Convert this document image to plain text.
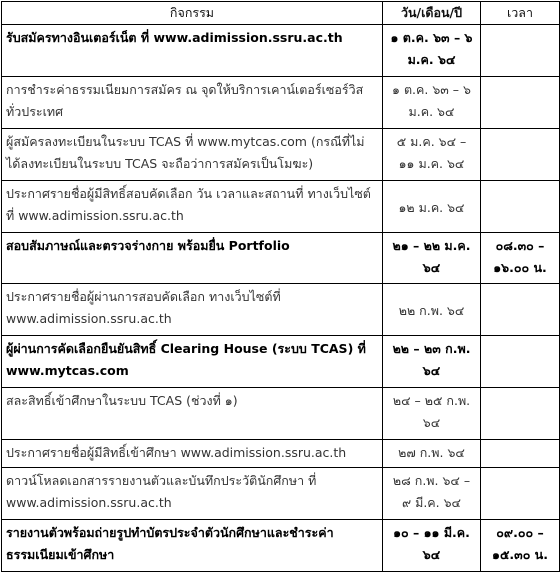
กิจกรรม	วัน/เดือน/ปี	เวลา
รับสมัครทางอินเตอร์เน็ต ที่ www.adimission.ssru.ac.th	๑ ต.ค. ๖๓ – ๖ ม.ค. ๖๔	
การชำระค่าธรรมเนียมการสมัคร ณ จุดให้บริการเคาน์เตอร์เซอร์วิสทั่วประเทศ	๑ ต.ค. ๖๓ – ๖ ม.ค. ๖๔	
ผู้สมัครลงทะเบียนในระบบ TCAS ที่ www.mytcas.com (กรณีที่ไม่ได้ลงทะเบียนในระบบ TCAS จะถือว่าการสมัครเป็นโมฆะ)	๕ ม.ค. ๖๔ – ๑๑ ม.ค. ๖๔	
ประกาศรายชื่อผู้มีสิทธิ์สอบคัดเลือก วัน เวลาและสถานที่ ทางเว็บไซต์ที่ www.adimission.ssru.ac.th	๑๒ ม.ค. ๖๔	
สอบสัมภาษณ์และตรวจร่างกาย พร้อมยื่น Portfolio	๒๑ – ๒๒ ม.ค. ๖๔	๐๘.๓๐ – ๑๖.๐๐ น.
ประกาศรายชื่อผู้ผ่านการสอบคัดเลือก ทางเว็บไซต์ที่ www.adimission.ssru.ac.th	๒๒ ก.พ. ๖๔	
ผู้ผ่านการคัดเลือกยืนยันสิทธิ์ Clearing House (ระบบ TCAS) ที่ www.mytcas.com	๒๒ – ๒๓ ก.พ. ๖๔	
สละสิทธิ์เข้าศึกษาในระบบ TCAS (ช่วงที่ ๑)	๒๔ – ๒๕ ก.พ. ๖๔	
ประกาศรายชื่อผู้มีสิทธิ์เข้าศึกษา www.adimission.ssru.ac.th	๒๗ ก.พ. ๖๔	
ดาวน์โหลดเอกสารรายงานตัวและบันทึกประวัตินักศึกษา ที่ www.adimission.ssru.ac.th	๒๘ ก.พ. ๖๔ – ๙ มี.ค. ๖๔	
รายงานตัวพร้อมถ่ายรูปทำบัตรประจำตัวนักศึกษาและชำระค่าธรรมเนียมเข้าศึกษา	๑๐ – ๑๑ มี.ค. ๖๔	๐๙.๐๐ – ๑๕.๓๐ น.
